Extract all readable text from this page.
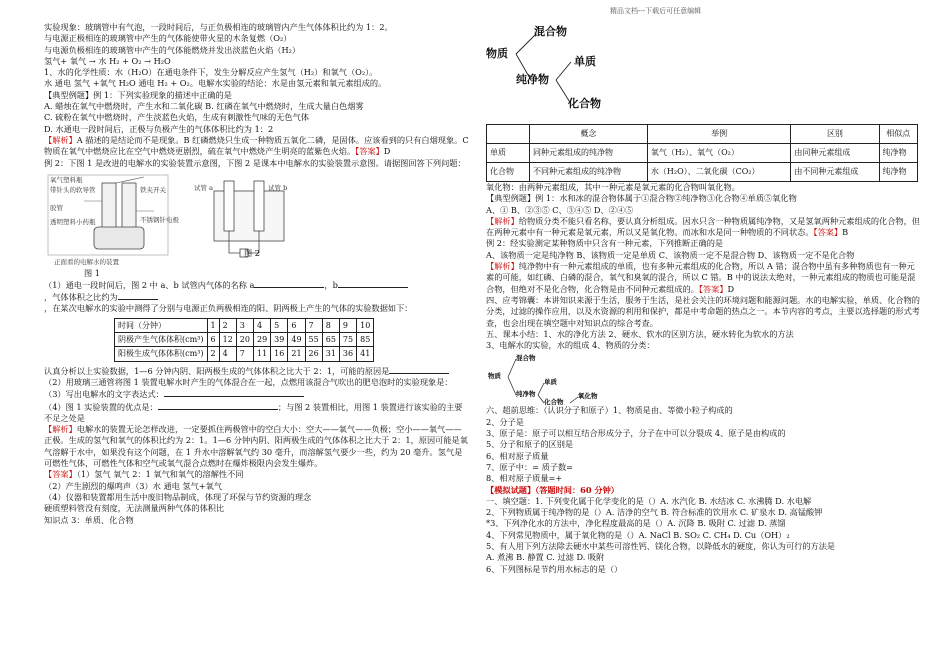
精品文档---下载后可任意编辑
实验现象：玻璃管中有气泡，一段时间后，与正负极相连的玻璃管内产生气体体积比约为 1：2。
与电源正极相连的玻璃管中产生的气体能使带火星的木条复燃（O₂）
与电源负极相连的玻璃管中产生的气体能燃烧并发出淡蓝色火焰（H₂）
氢气+ 氧气 → 水 H₂ + O₂ → H₂O
1、水的化学性质：水（H₂O）在通电条件下，发生分解反应产生氢气（H₂）和氧气（O₂）。
水 通电 氢气 +氧气 H₂O 通电 H₂ + O₂。电解水实验的结论：水是由氢元素和氧元素组成的。
【典型例题】例 1：下列实验现象的描述中正确的是
A. 蜡烛在氧气中燃烧时，产生水和二氧化碳 B. 红磷在氧气中燃烧时，生成大量白色烟雾
C. 硫粉在氧气中燃烧时，产生淡蓝色火焰，生成有刺激性气味的无色气体
D. 水通电一段时间后，正极与负极产生的气体体积比约为 1：2
【解析】A 描述的是结论而不是现象。B 红磷燃烧只生成一种物质五氧化二磷，是固体。应该看到的只有白烟现象。C 物质在氧气中燃烧应比在空气中燃烧更剧烈，硫在氧气中燃烧产生明亮的蓝紫色火焰。【答案】D
例 2：下图 1 是改进的电解水的实验装置示意图，下图 2 是课本中电解水的实验装置示意图。请据图回答下列问题：
氧气塑料瓶
带针头的软导管
胶管
透明塑料小药瓶	不锈钢针电极
正面看的电解水的装置
铁夹开关	试管 a	试管 b
图 1
图 2
（1）通电一段时间后，图 2 中 a、b 试管内气体的名称 a	，b
，气体体积之比约为
，在某次电解水的实验中测得了分别与电源正负两极相连的阳、阴两极上产生的气体的实验数据如下：
时间（分钟）	1	2	3	4	5	6	7	8	9	10
阴极产生气体体积(cm³)	6	12	20	29	39	49	55	65	75	85
阳极生成气体体积(cm³)	2	4	7	11	16	21	26	31	36	41
认真分析以上实验数据，1—6 分钟内阴、阳两极生成的气体体积之比大于 2：1，可能的原因是
（2）用玻璃三通管将图 1 装置电解水时产生的气体混合在一起，点燃用该混合气吹出的肥皂泡时的实验现象是：
（3）写出电解水的文字表达式：
（4）图 1 实验装置的优点是：	；与图 2 装置相比，用图 1 装置进行该实验的主要不足之处是
【解析】电解水的装置无论怎样改进，一定要抓住两极管中的空白大小：空大——氧气——负极；空小——氧气——正极。生成的氢气和氧气的体积比约为 2：1。1—6 分钟内阴、阳两极生成的气体体积之比大于 2：1，原因可能是氧气溶解于水中，如果没有这个问题，在 1 升水中溶解氧气约 30 毫升，而溶解氢气要少一些，约为 20 毫升。氢气是可燃性气体，可燃性气体和空气或氧气混合点燃时在爆炸极限内会发生爆炸。
【答案】（1）氢气 氧气 2：1 氧气和氧气的溶解性不同
（2）产生剧烈的爆鸣声（3）水 通电 氢气+氧气
（4）仪器和装置都用生活中废旧物品制成，体现了环保与节约资源的理念
硬质塑料管没有刻度，无法测量两种气体的体积比
知识点 3：单质、化合物
物质
混合物
纯净物
单质
化合物
	概念	举例	区别	相似点
单质	同种元素组成的纯净物	氧气（H₂）、氧气（O₂）	由同种元素组成	纯净物
化合物	不同种元素组成的纯净物	水（H₂O）、二氧化碳（CO₂）	由不同种元素组成	纯净物
氧化物：由两种元素组成，其中一种元素是氧元素的化合物叫氧化物。
【典型例题】例 1：水和冰的混合物体属于①混合物②纯净物③化合物④单质⑤氧化物
A、① B、②③⑤ C、③④⑤ D、②④⑤
【解析】给物质分类不能只看名称，要认真分析组成。因水只含一种物质属纯净物，又是氢氧两种元素组成的化合物，但在两种元素中有一种元素是氧元素，所以又是氧化物。而冰和水是同一种物质的不同状态。【答案】B
例 2：经实验测定某种物质中只含有一种元素，下列推断正确的是
A、该物质一定是纯净物 B、该物质一定是单质 C、该物质一定不是混合物 D、该物质一定不是化合物
【解析】纯净物中有一种元素组成的单质，也有多种元素组成的化合物，所以 A 错；混合物中虽有多种物质也有一种元素的可能，如红磷、白磷的混合，氧气和臭氧的混合，所以 C 错。B 中的说法太绝对，一种元素组成的物质也可能是混合物，但绝对不是化合物，化合物是由不同种元素组成的。【答案】D
四、应考锦囊：本讲知识来源于生活，服务于生活，是社会关注的环境问题和能源问题。水的电解实验，单质、化合物的分类，过滤的操作应用，以及水资源的利用和保护，都是中考命题的热点之一。本节内容的考点，主要以选择题的形式考查，也会出现在填空题中对知识点的综合考查。
五、课本小结：1、水的净化方法 2、硬水、软水的区别方法，硬水转化为软水的方法
3、电解水的实验，水的组成 4、物质的分类：
物质
混合物
纯净物
单质
化合物
氧化物
六、超前思维：（认识分子和原子）1、物质是由、等微小粒子构成的
2、分子是
3、原子是：原子可以相互结合形成分子，分子在中可以分裂成 4、原子是由构成的
5、分子和原子的区别是
6、相对原子质量
7、原子中：= 质子数=
8、相对原子质量=+
【模拟试题】（答题时间：60 分钟）
一、填空题：1. 下列变化属于化学变化的是（）A. 水汽化 B. 水结冰 C. 水沸腾 D. 水电解
2、下列物质属于纯净物的是（）A. 洁净的空气 B. 符合标准的饮用水 C. 矿泉水 D. 高锰酸钾
*3、下列净化水的方法中，净化程度最高的是（）A. 沉降 B. 吸附 C. 过滤 D. 蒸馏
4、下列常见物质中，属于氧化物的是（）A. NaCl B. SO₂ C. CH₄ D. Cu（OH）₂
5、有人用下列方法除去硬水中某些可溶性钙、镁化合物，以降低水的硬度，你认为可行的方法是
A. 煮沸 B. 静置 C. 过滤 D. 吸附
6、下列图标是节约用水标志的是（）
